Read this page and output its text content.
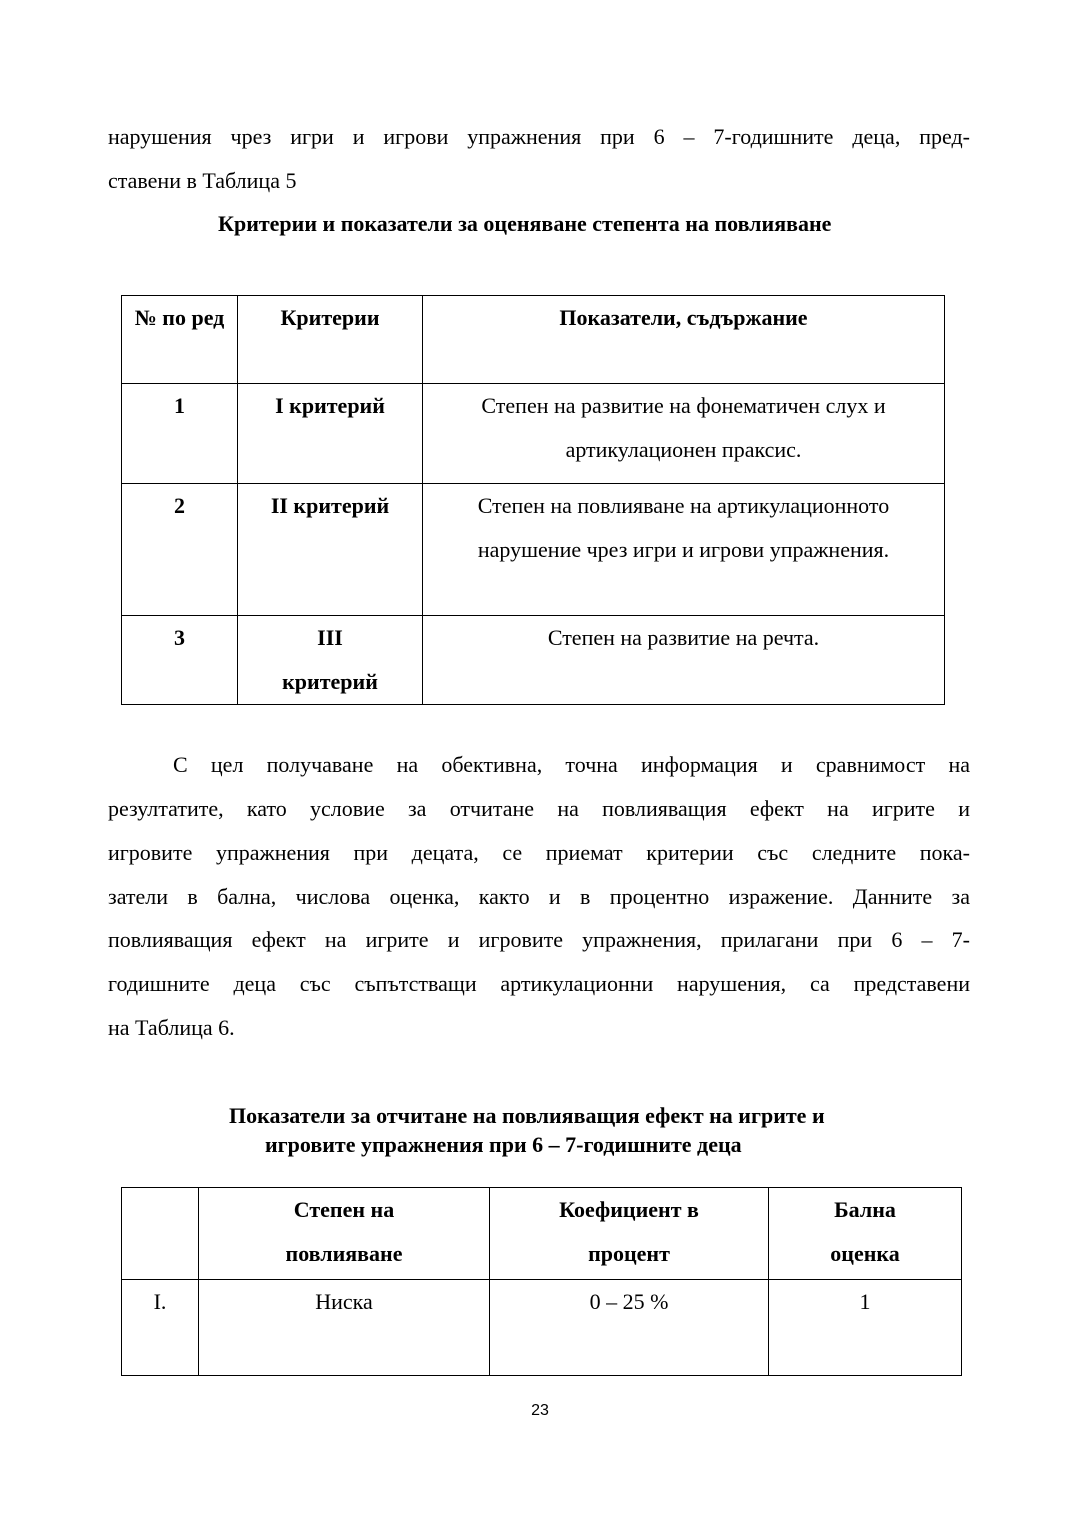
нарушения чрез игри и игрови упражнения при 6 – 7-годишните деца, пред-
ставени в Таблица 5
Критерии и показатели за оценяване степента на повлияване
№ по ред	Критерии	Показатели, съдържание
1	I критерий	Степен на развитие на фонематичен слух и артикулационен праксис.
2	II критерий	Степен на повлияване на артикулационното нарушение чрез игри и игрови упражнения.
3	III критерий	Степен на развитие на речта.
С цел получаване на обективна, точна информация и сравнимост на
резултатите, като условие за отчитане на повлияващия ефект на игрите и
игровите упражнения при децата, се приемат критерии със следните пока-
затели в бална, числова оценка, както и в процентно изражение. Данните за
повлияващия ефект на игрите и игровите упражнения, прилагани при 6 – 7-
годишните деца със съпътстващи артикулационни нарушения, са представени
на Таблица 6.
Показатели за отчитане на повлияващия ефект на игрите и
игровите упражнения при 6 – 7-годишните деца
	Степен на повлияване	Коефициент в процент	Бална оценка
I.	Ниска	0 – 25 %	1
23
